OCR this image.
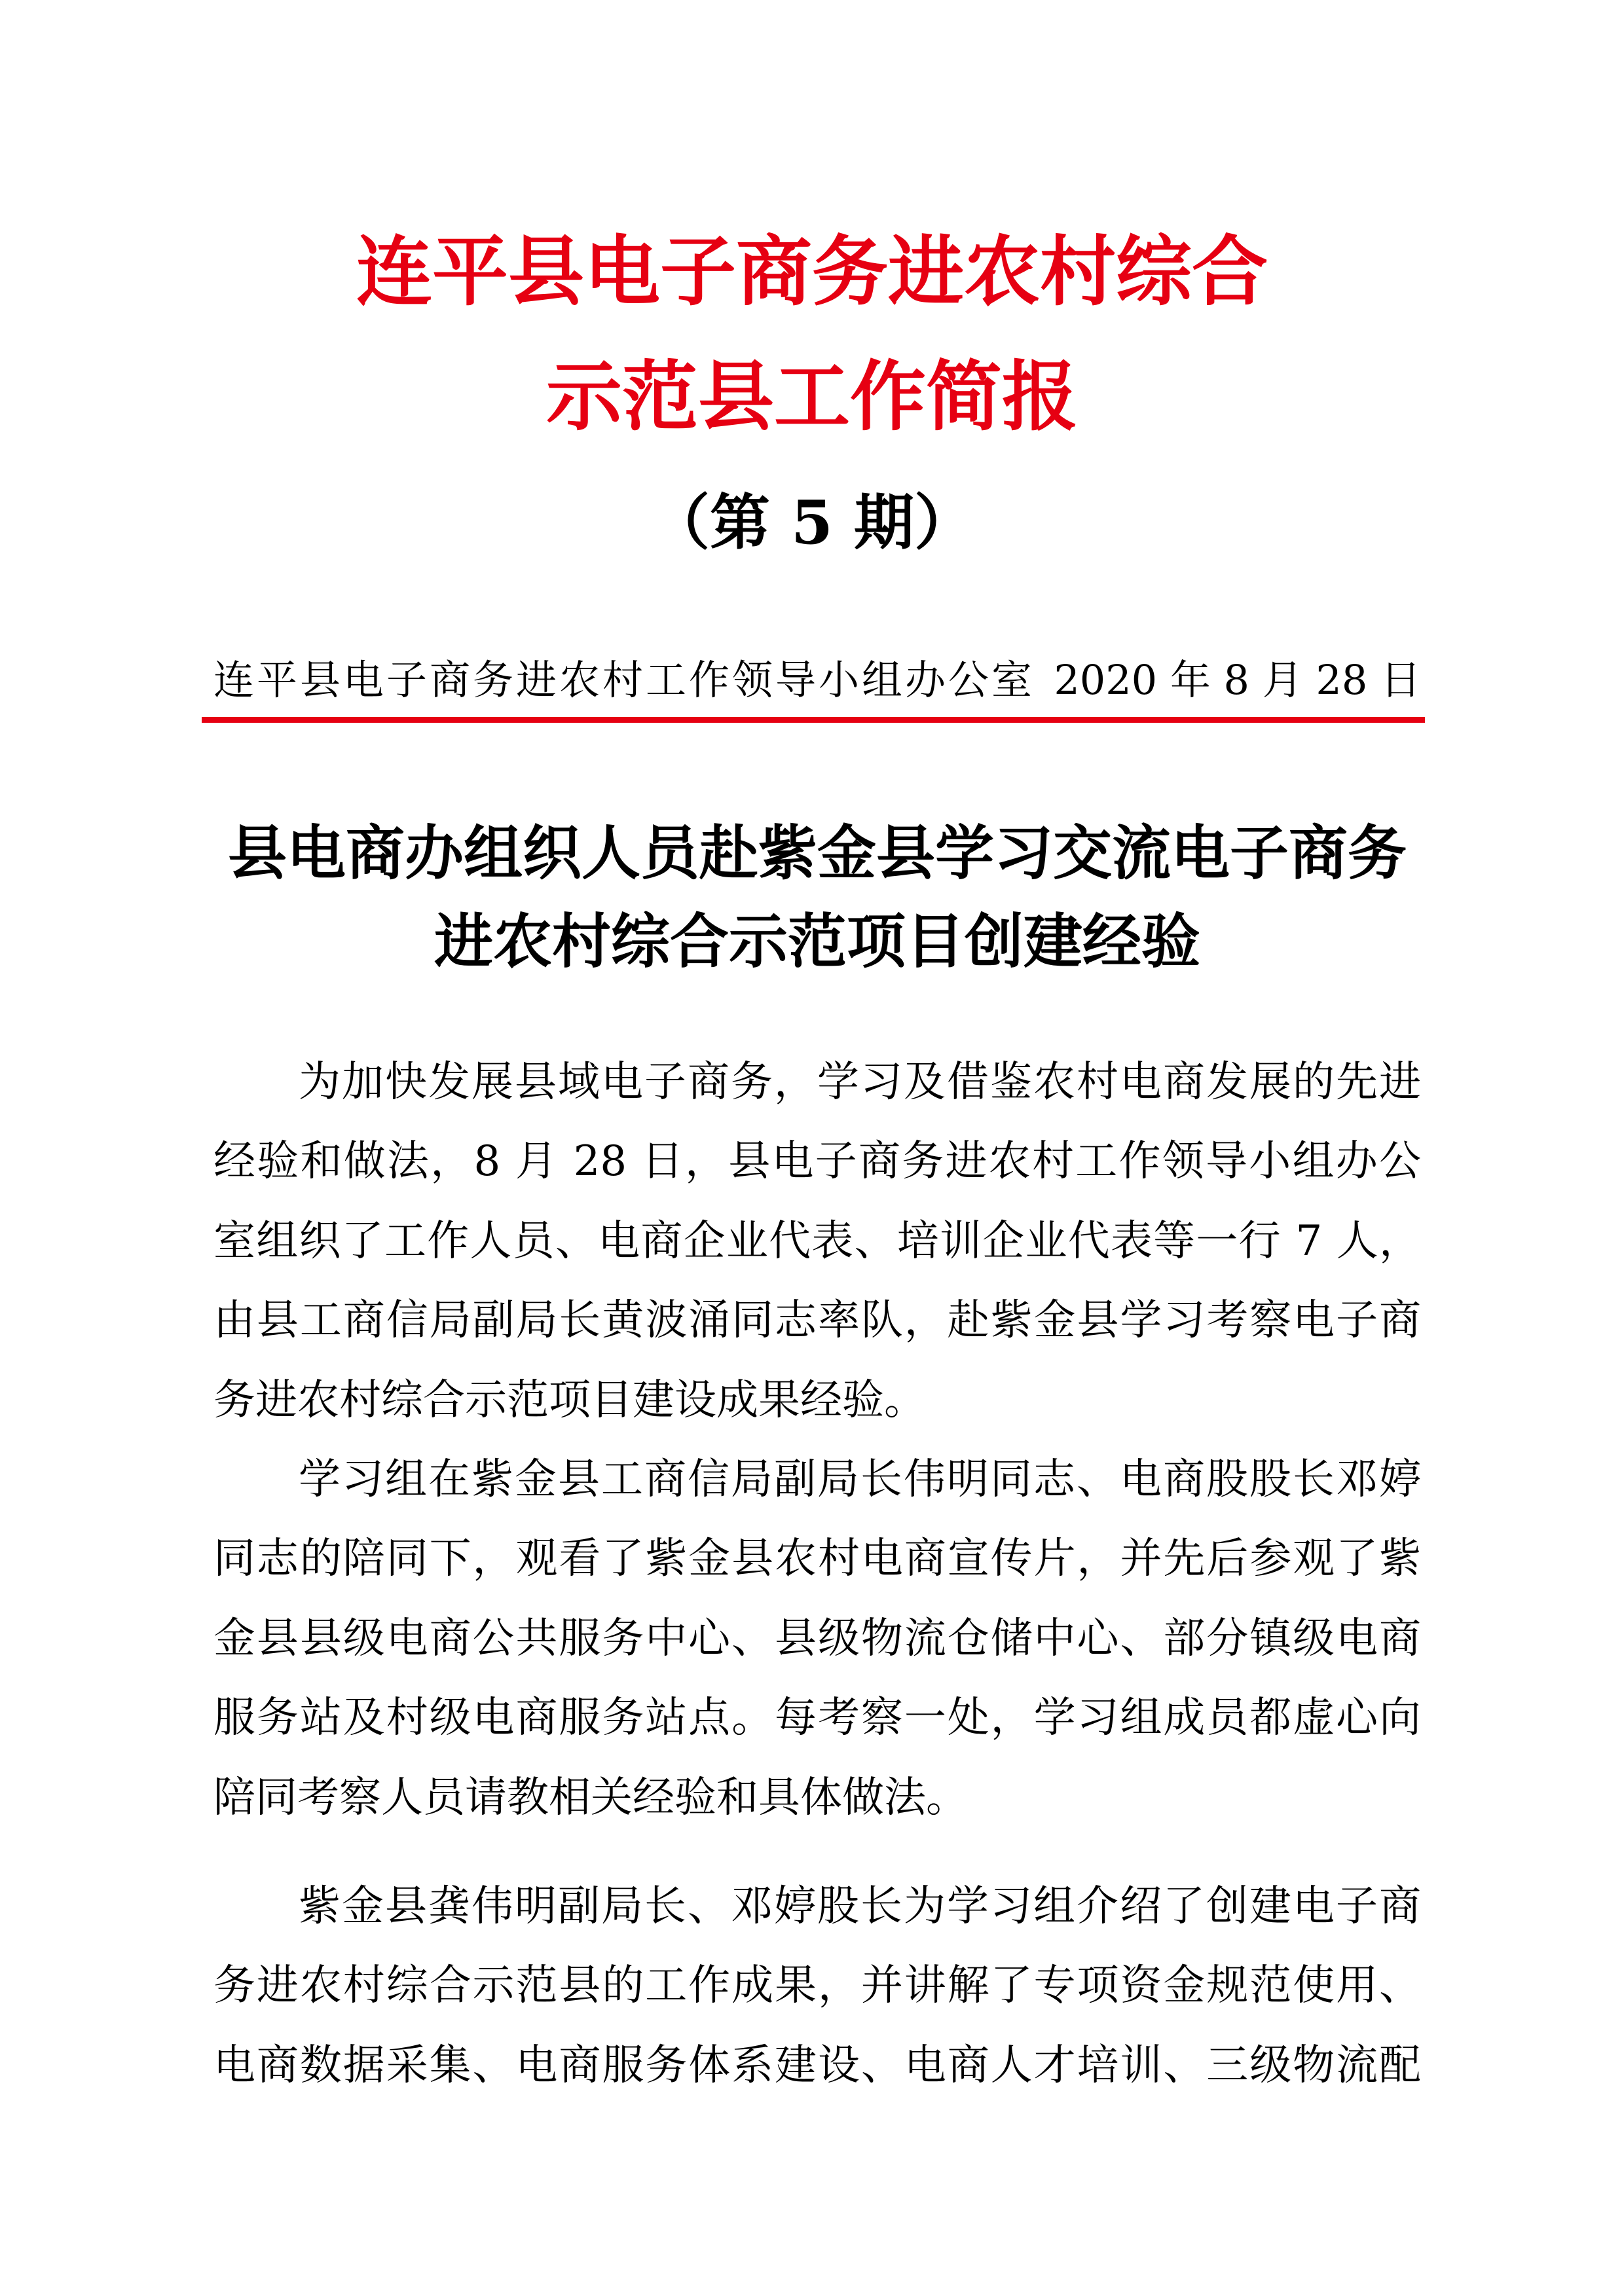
连平县电子商务进农村综合
示范县工作简报
（第 5 期）
连平县电子商务进农村工作领导小组办公室 2020 年 8 月 28 日
县电商办组织人员赴紫金县学习交流电子商务
进农村综合示范项目创建经验
为加快发展县域电子商务，学习及借鉴农村电商发展的先进
经验和做法，8 月 28 日，县电子商务进农村工作领导小组办公
室组织了工作人员、电商企业代表、培训企业代表等一行 7 人，
由县工商信局副局长黄波涌同志率队，赴紫金县学习考察电子商
务进农村综合示范项目建设成果经验。
学习组在紫金县工商信局副局长伟明同志、电商股股长邓婷
同志的陪同下，观看了紫金县农村电商宣传片，并先后参观了紫
金县县级电商公共服务中心、县级物流仓储中心、部分镇级电商
服务站及村级电商服务站点。每考察一处，学习组成员都虚心向
陪同考察人员请教相关经验和具体做法。
紫金县龚伟明副局长、邓婷股长为学习组介绍了创建电子商
务进农村综合示范县的工作成果，并讲解了专项资金规范使用、
电商数据采集、电商服务体系建设、电商人才培训、三级物流配
